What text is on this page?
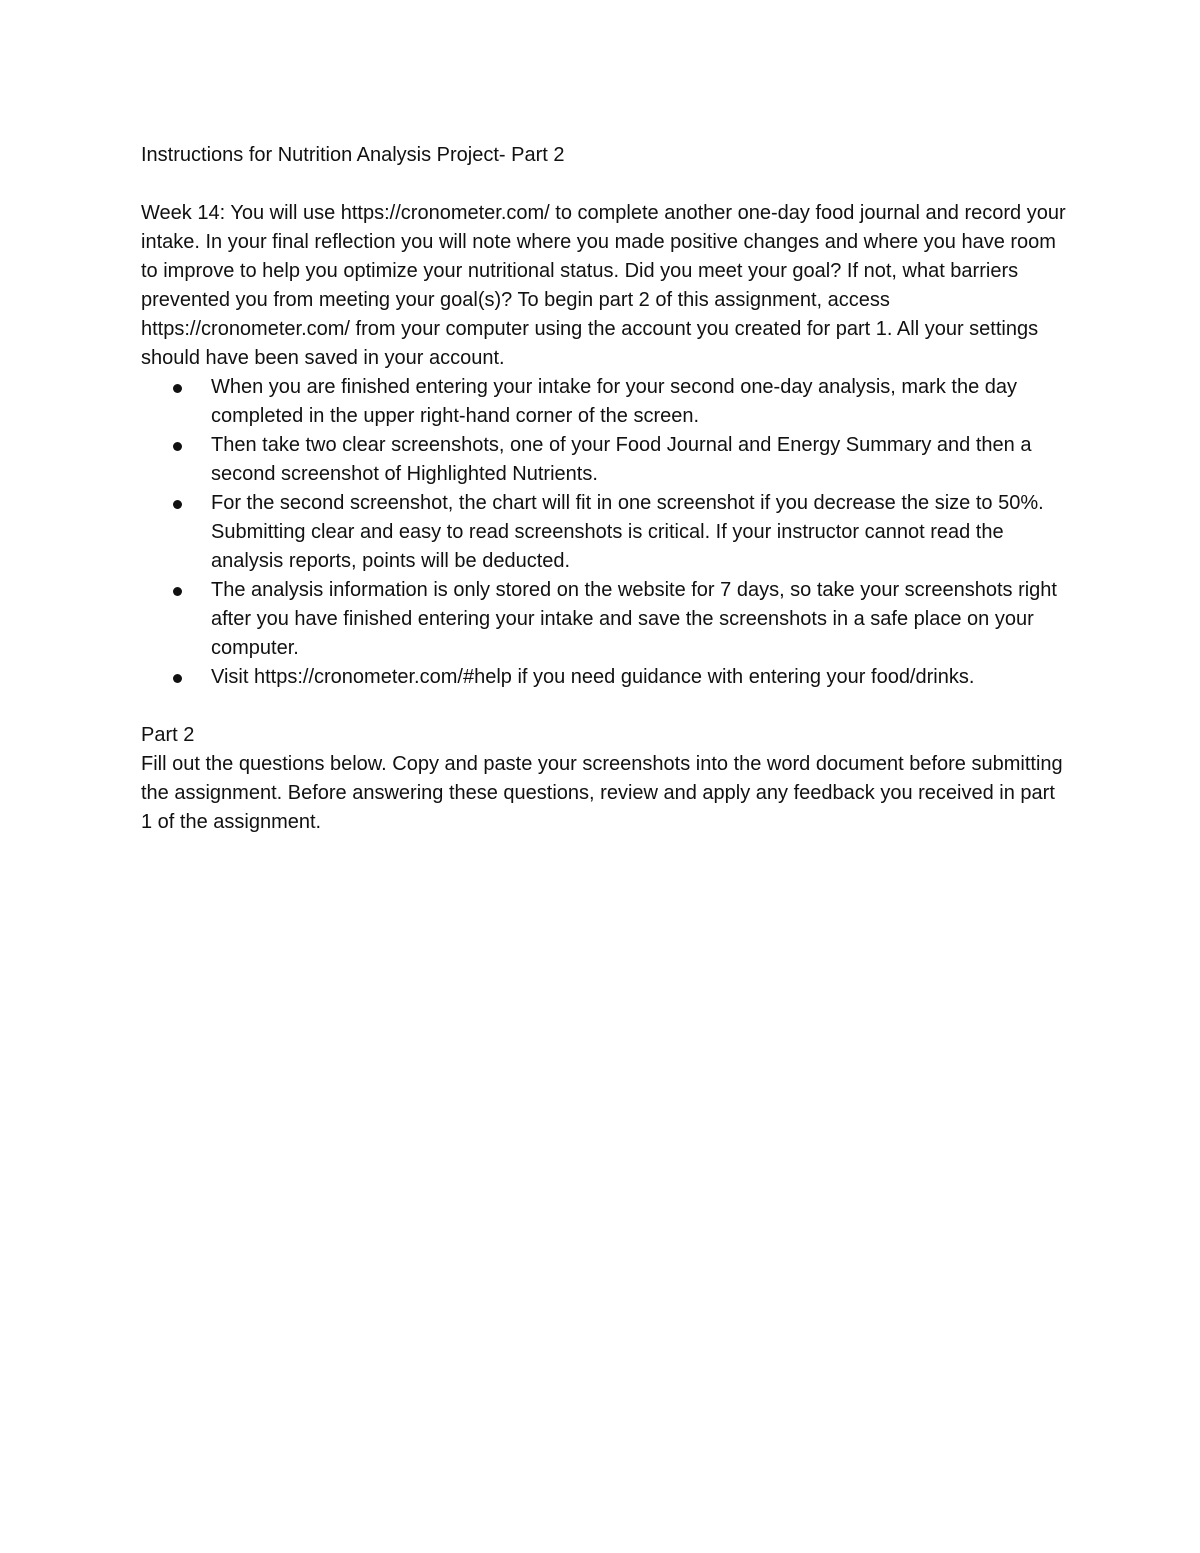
Instructions for Nutrition Analysis Project- Part 2

Week 14: You will use https://cronometer.com/ to complete another one-day food journal and record your intake. In your final reflection you will note where you made positive changes and where you have room to improve to help you optimize your nutritional status. Did you meet your goal? If not, what barriers prevented you from meeting your goal(s)? To begin part 2 of this assignment, access https://cronometer.com/ from your computer using the account you created for part 1. All your settings should have been saved in your account.

When you are finished entering your intake for your second one-day analysis, mark the day completed in the upper right-hand corner of the screen.
Then take two clear screenshots, one of your Food Journal and Energy Summary and then a second screenshot of Highlighted Nutrients.
For the second screenshot, the chart will fit in one screenshot if you decrease the size to 50%. Submitting clear and easy to read screenshots is critical. If your instructor cannot read the analysis reports, points will be deducted.
The analysis information is only stored on the website for 7 days, so take your screenshots right after you have finished entering your intake and save the screenshots in a safe place on your computer.
Visit https://cronometer.com/#help if you need guidance with entering your food/drinks.

Part 2

Fill out the questions below. Copy and paste your screenshots into the word document before submitting the assignment. Before answering these questions, review and apply any feedback you received in part 1 of the assignment.
